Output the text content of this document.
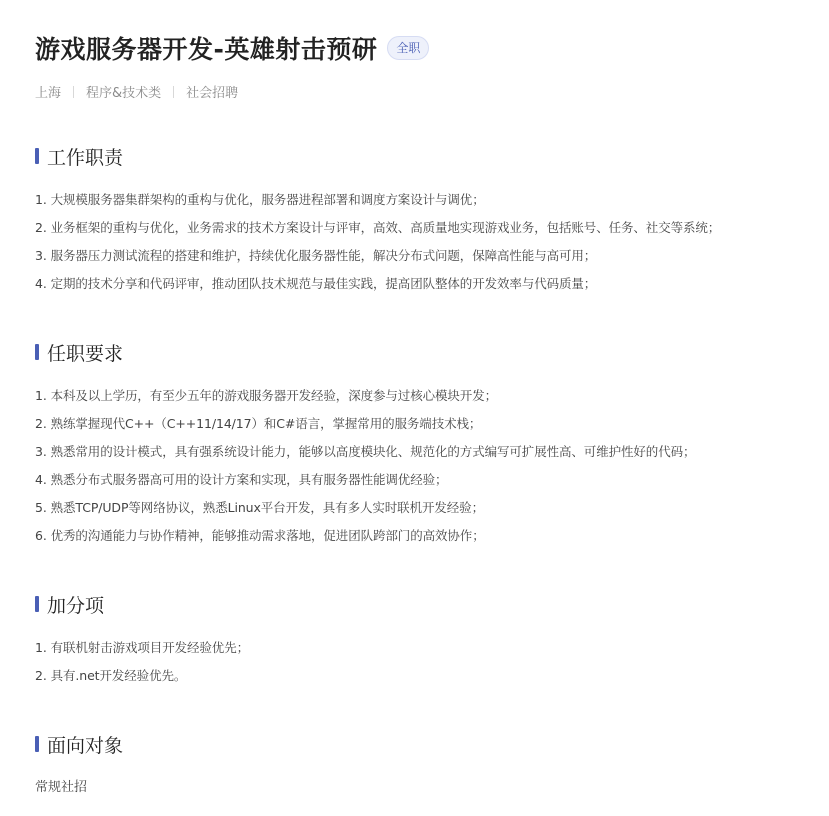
游戏服务器开发-英雄射击预研	全职
上海 程序&技术类 社会招聘
工作职责
1. 大规模服务器集群架构的重构与优化，服务器进程部署和调度方案设计与调优；
2. 业务框架的重构与优化，业务需求的技术方案设计与评审，高效、高质量地实现游戏业务，包括账号、任务、社交等系统；
3. 服务器压力测试流程的搭建和维护，持续优化服务器性能，解决分布式问题，保障高性能与高可用；
4. 定期的技术分享和代码评审，推动团队技术规范与最佳实践，提高团队整体的开发效率与代码质量；
任职要求
1. 本科及以上学历，有至少五年的游戏服务器开发经验，深度参与过核心模块开发；
2. 熟练掌握现代C++（C++11/14/17）和C#语言，掌握常用的服务端技术栈；
3. 熟悉常用的设计模式，具有强系统设计能力，能够以高度模块化、规范化的方式编写可扩展性高、可维护性好的代码；
4. 熟悉分布式服务器高可用的设计方案和实现，具有服务器性能调优经验；
5. 熟悉TCP/UDP等网络协议，熟悉Linux平台开发，具有多人实时联机开发经验；
6. 优秀的沟通能力与协作精神，能够推动需求落地，促进团队跨部门的高效协作；
加分项
1. 有联机射击游戏项目开发经验优先；
2. 具有.net开发经验优先。
面向对象
常规社招
